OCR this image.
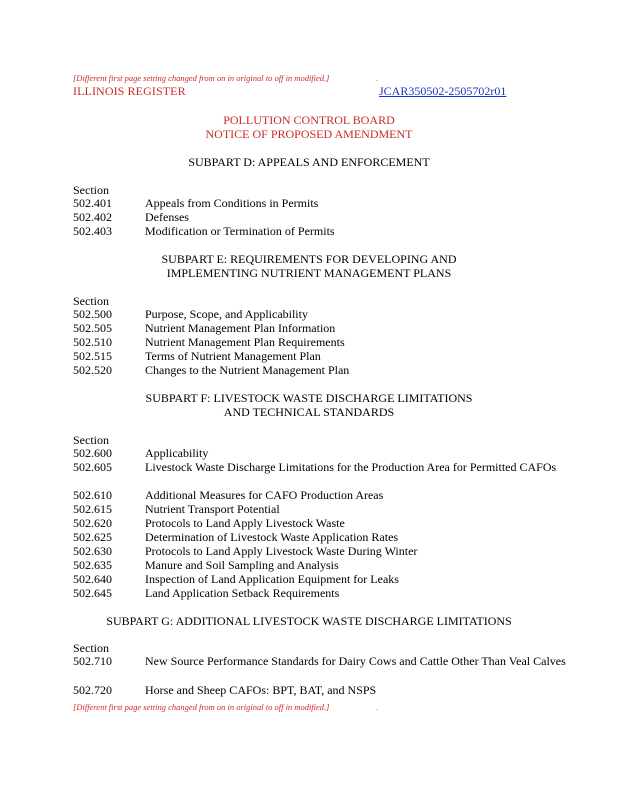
[Different first page setting changed from on in original to off in modified.]	.
ILLINOIS REGISTER	JCAR350502-2505702r01
POLLUTION CONTROL BOARD
NOTICE OF PROPOSED AMENDMENT
SUBPART D: APPEALS AND ENFORCEMENT
Section
502.401	Appeals from Conditions in Permits
502.402	Defenses
502.403	Modification or Termination of Permits
SUBPART E: REQUIREMENTS FOR DEVELOPING AND
IMPLEMENTING NUTRIENT MANAGEMENT PLANS
Section
502.500	Purpose, Scope, and Applicability
502.505	Nutrient Management Plan Information
502.510	Nutrient Management Plan Requirements
502.515	Terms of Nutrient Management Plan
502.520	Changes to the Nutrient Management Plan
SUBPART F: LIVESTOCK WASTE DISCHARGE LIMITATIONS
AND TECHNICAL STANDARDS
Section
502.600	Applicability
502.605	Livestock Waste Discharge Limitations for the Production Area for Permitted CAFOs
502.610	Additional Measures for CAFO Production Areas
502.615	Nutrient Transport Potential
502.620	Protocols to Land Apply Livestock Waste
502.625	Determination of Livestock Waste Application Rates
502.630	Protocols to Land Apply Livestock Waste During Winter
502.635	Manure and Soil Sampling and Analysis
502.640	Inspection of Land Application Equipment for Leaks
502.645	Land Application Setback Requirements
SUBPART G: ADDITIONAL LIVESTOCK WASTE DISCHARGE LIMITATIONS
Section
502.710	New Source Performance Standards for Dairy Cows and Cattle Other Than Veal Calves
502.720	Horse and Sheep CAFOs: BPT, BAT, and NSPS
[Different first page setting changed from on in original to off in modified.]	.
